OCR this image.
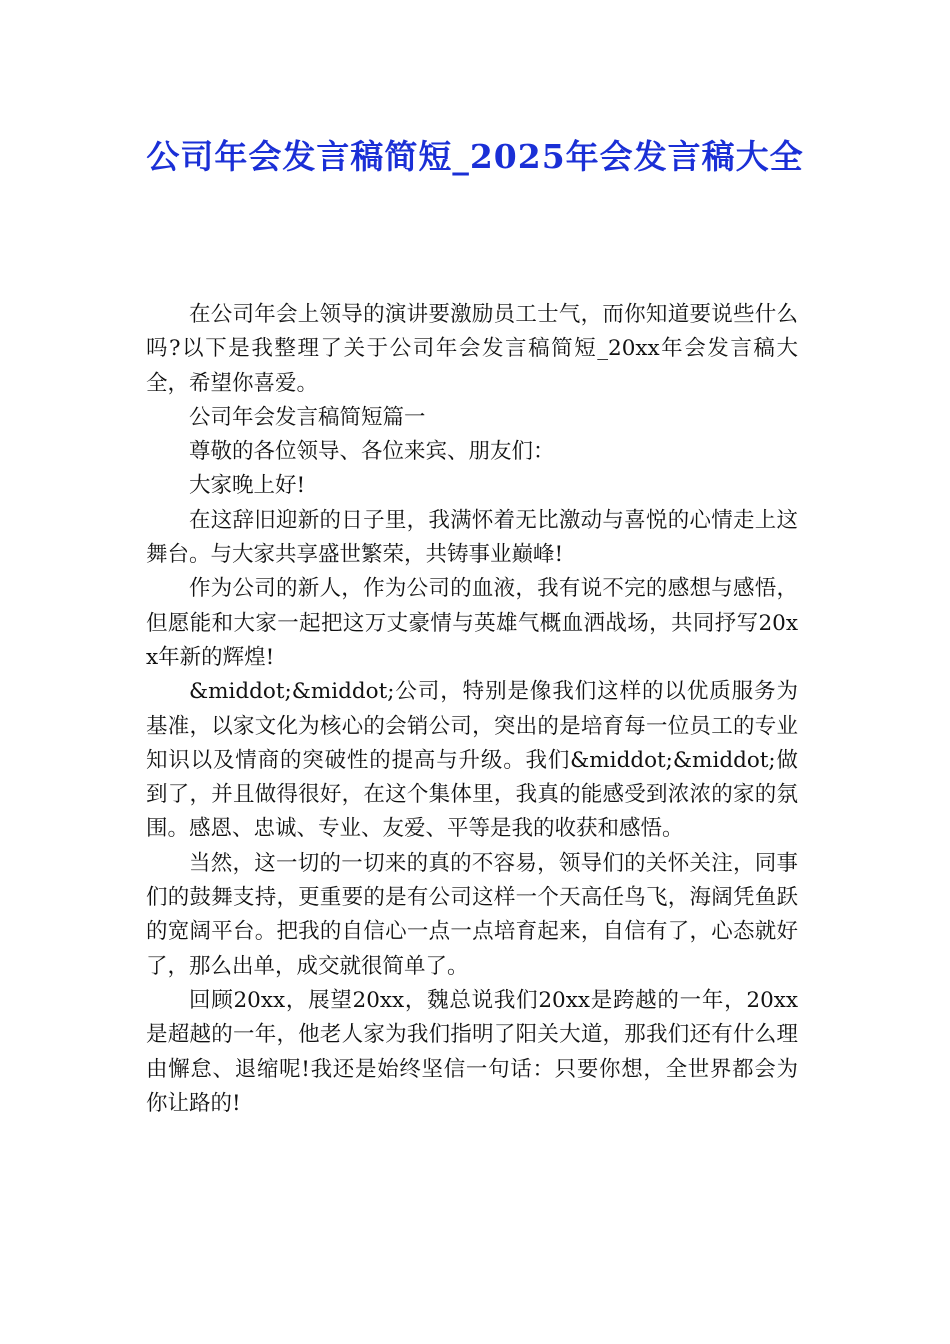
公司年会发言稿简短_2025年会发言稿大全

在公司年会上领导的演讲要激励员工士气，而你知道要说些什么吗?以下是我整理了关于公司年会发言稿简短_20xx年会发言稿大全，希望你喜爱。

公司年会发言稿简短篇一

尊敬的各位领导、各位来宾、朋友们：

大家晚上好!

在这辞旧迎新的日子里，我满怀着无比激动与喜悦的心情走上这舞台。与大家共享盛世繁荣，共铸事业巅峰!

作为公司的新人，作为公司的血液，我有说不完的感想与感悟，但愿能和大家一起把这万丈豪情与英雄气概血洒战场，共同抒写20xx年新的辉煌!

&middot;&middot;公司，特别是像我们这样的以优质服务为基准，以家文化为核心的会销公司，突出的是培育每一位员工的专业知识以及情商的突破性的提高与升级。我们&middot;&middot;做到了，并且做得很好，在这个集体里，我真的能感受到浓浓的家的氛围。感恩、忠诚、专业、友爱、平等是我的收获和感悟。

当然，这一切的一切来的真的不容易，领导们的关怀关注，同事们的鼓舞支持，更重要的是有公司这样一个天高任鸟飞，海阔凭鱼跃的宽阔平台。把我的自信心一点一点培育起来，自信有了，心态就好了，那么出单，成交就很简单了。

回顾20xx，展望20xx，魏总说我们20xx是跨越的一年，20xx是超越的一年，他老人家为我们指明了阳关大道，那我们还有什么理由懈怠、退缩呢!我还是始终坚信一句话：只要你想，全世界都会为你让路的!
